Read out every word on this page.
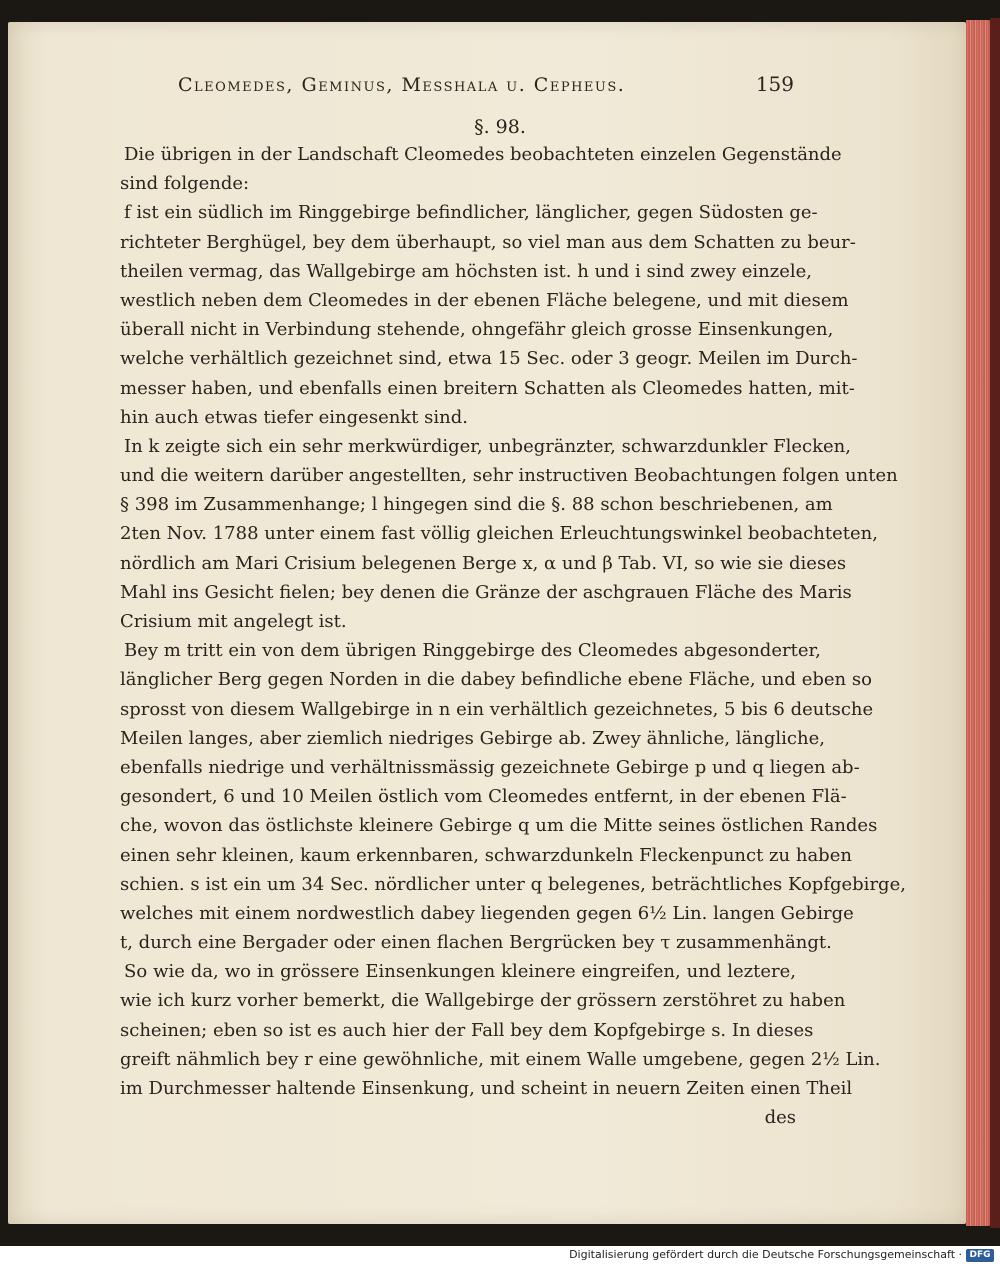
Cleomedes, Geminus, Messhala u. Cepheus.	159
§. 98.
Die übrigen in der Landschaft Cleomedes beobachteten einzelen Gegenstände
sind folgende:
f ist ein südlich im Ringgebirge befindlicher, länglicher, gegen Südosten ge-
richteter Berghügel, bey dem überhaupt, so viel man aus dem Schatten zu beur-
theilen vermag, das Wallgebirge am höchsten ist. h und i sind zwey einzele,
westlich neben dem Cleomedes in der ebenen Fläche belegene, und mit diesem
überall nicht in Verbindung stehende, ohngefähr gleich grosse Einsenkungen,
welche verhältlich gezeichnet sind, etwa 15 Sec. oder 3 geogr. Meilen im Durch-
messer haben, und ebenfalls einen breitern Schatten als Cleomedes hatten, mit-
hin auch etwas tiefer eingesenkt sind.
In k zeigte sich ein sehr merkwürdiger, unbegränzter, schwarzdunkler Flecken,
und die weitern darüber angestellten, sehr instructiven Beobachtungen folgen unten
§ 398 im Zusammenhange; l hingegen sind die §. 88 schon beschriebenen, am
2ten Nov. 1788 unter einem fast völlig gleichen Erleuchtungswinkel beobachteten,
nördlich am Mari Crisium belegenen Berge x, α und β Tab. VI, so wie sie dieses
Mahl ins Gesicht fielen; bey denen die Gränze der aschgrauen Fläche des Maris
Crisium mit angelegt ist.
Bey m tritt ein von dem übrigen Ringgebirge des Cleomedes abgesonderter,
länglicher Berg gegen Norden in die dabey befindliche ebene Fläche, und eben so
sprosst von diesem Wallgebirge in n ein verhältlich gezeichnetes, 5 bis 6 deutsche
Meilen langes, aber ziemlich niedriges Gebirge ab. Zwey ähnliche, längliche,
ebenfalls niedrige und verhältnissmässig gezeichnete Gebirge p und q liegen ab-
gesondert, 6 und 10 Meilen östlich vom Cleomedes entfernt, in der ebenen Flä-
che, wovon das östlichste kleinere Gebirge q um die Mitte seines östlichen Randes
einen sehr kleinen, kaum erkennbaren, schwarzdunkeln Fleckenpunct zu haben
schien. s ist ein um 34 Sec. nördlicher unter q belegenes, beträchtliches Kopfgebirge,
welches mit einem nordwestlich dabey liegenden gegen 6½ Lin. langen Gebirge
t, durch eine Bergader oder einen flachen Bergrücken bey τ zusammenhängt.
So wie da, wo in grössere Einsenkungen kleinere eingreifen, und leztere,
wie ich kurz vorher bemerkt, die Wallgebirge der grössern zerstöhret zu haben
scheinen; eben so ist es auch hier der Fall bey dem Kopfgebirge s. In dieses
greift nähmlich bey r eine gewöhnliche, mit einem Walle umgebene, gegen 2½ Lin.
im Durchmesser haltende Einsenkung, und scheint in neuern Zeiten einen Theil
des
Digitalisierung gefördert durch die Deutsche Forschungsgemeinschaft · DFG
